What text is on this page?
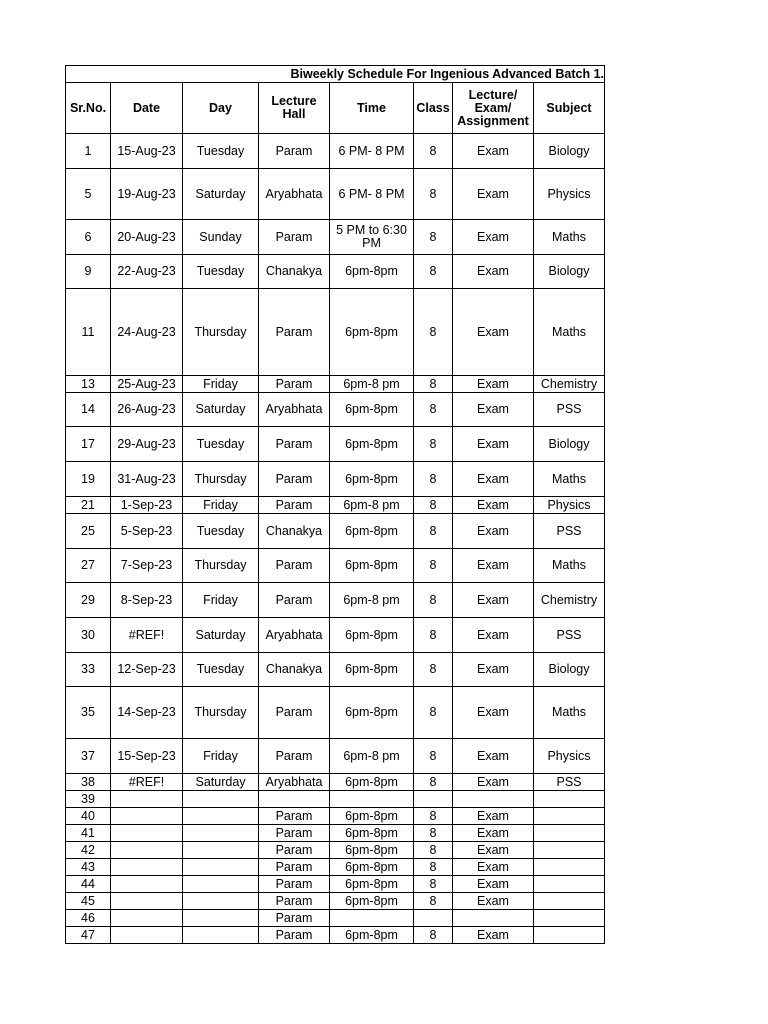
Biweekly Schedule For Ingenious Advanced Batch 1.							
Sr.No.	Date	Day	Lecture Hall	Time	Class	Lecture/ Exam/ Assignment	Subject
1	15-Aug-23	Tuesday	Param	6 PM- 8 PM	8	Exam	Biology
5	19-Aug-23	Saturday	Aryabhata	6 PM- 8 PM	8	Exam	Physics
6	20-Aug-23	Sunday	Param	5 PM to 6:30 PM	8	Exam	Maths
9	22-Aug-23	Tuesday	Chanakya	6pm-8pm	8	Exam	Biology
11	24-Aug-23	Thursday	Param	6pm-8pm	8	Exam	Maths
13	25-Aug-23	Friday	Param	6pm-8 pm	8	Exam	Chemistry
14	26-Aug-23	Saturday	Aryabhata	6pm-8pm	8	Exam	PSS
17	29-Aug-23	Tuesday	Param	6pm-8pm	8	Exam	Biology
19	31-Aug-23	Thursday	Param	6pm-8pm	8	Exam	Maths
21	1-Sep-23	Friday	Param	6pm-8 pm	8	Exam	Physics
25	5-Sep-23	Tuesday	Chanakya	6pm-8pm	8	Exam	PSS
27	7-Sep-23	Thursday	Param	6pm-8pm	8	Exam	Maths
29	8-Sep-23	Friday	Param	6pm-8 pm	8	Exam	Chemistry
30	#REF!	Saturday	Aryabhata	6pm-8pm	8	Exam	PSS
33	12-Sep-23	Tuesday	Chanakya	6pm-8pm	8	Exam	Biology
35	14-Sep-23	Thursday	Param	6pm-8pm	8	Exam	Maths
37	15-Sep-23	Friday	Param	6pm-8 pm	8	Exam	Physics
38	#REF!	Saturday	Aryabhata	6pm-8pm	8	Exam	PSS
39							
40			Param	6pm-8pm	8	Exam	
41			Param	6pm-8pm	8	Exam	
42			Param	6pm-8pm	8	Exam	
43			Param	6pm-8pm	8	Exam	
44			Param	6pm-8pm	8	Exam	
45			Param	6pm-8pm	8	Exam	
46			Param				
47			Param	6pm-8pm	8	Exam	
